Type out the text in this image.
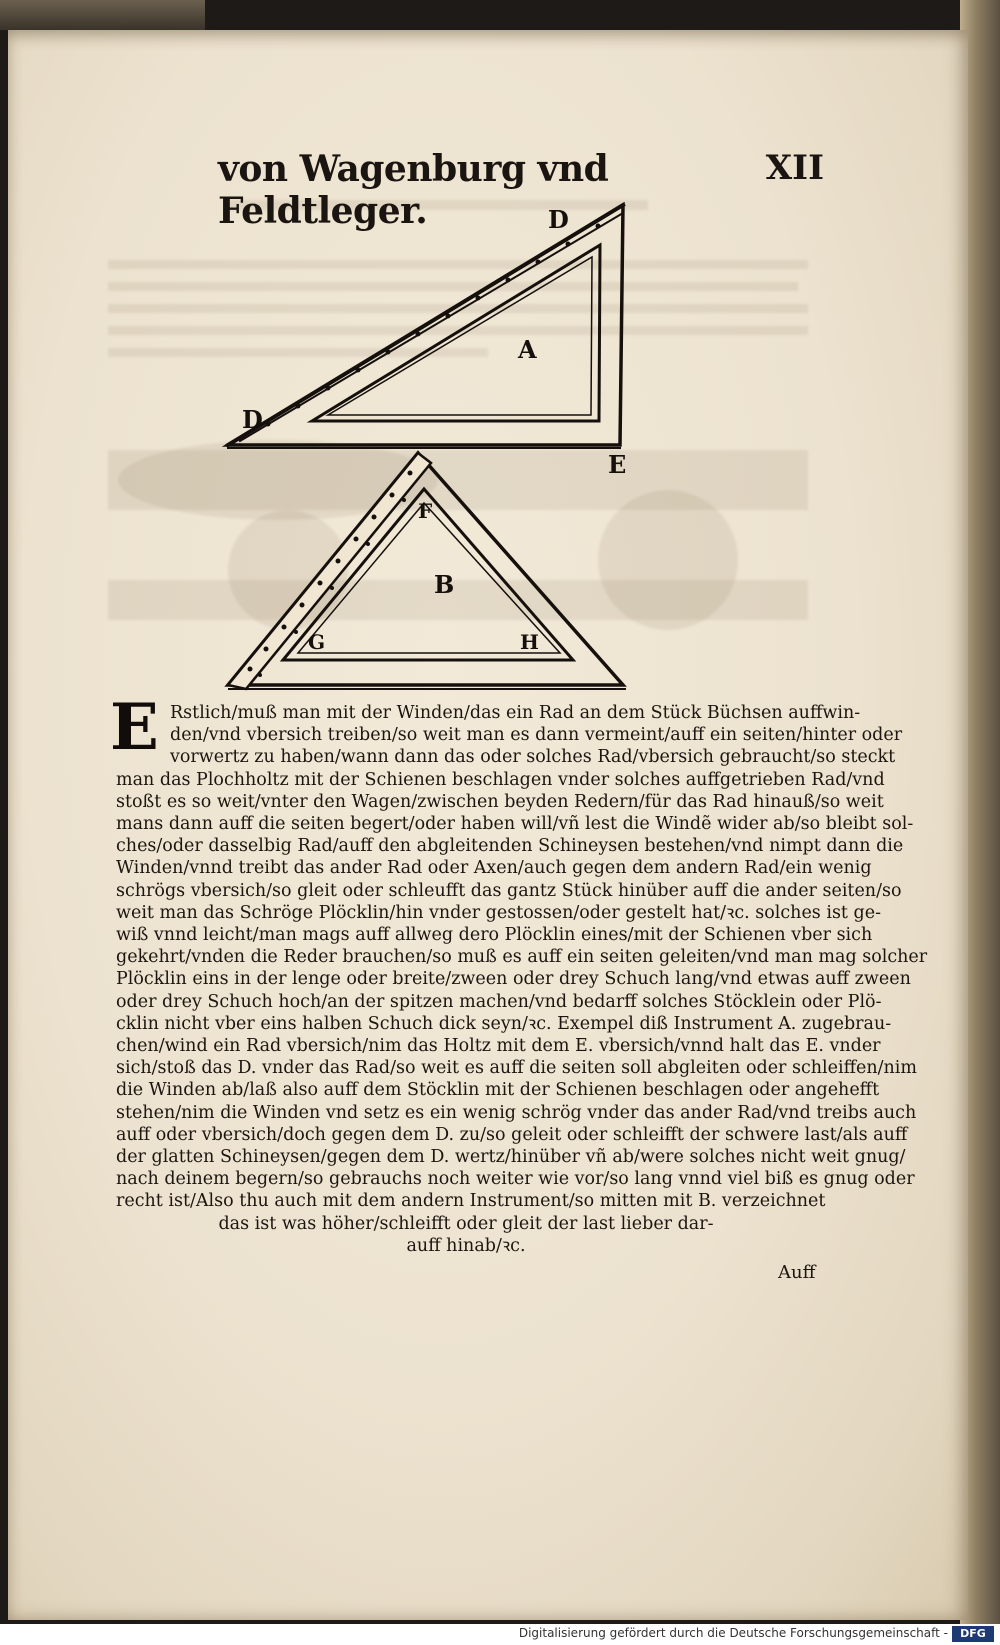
von Wagenburg vnd Feldtleger.
XII
D
A
D
E
F
B
G	H
E Rstlich/muß man mit der Winden/das ein Rad an dem Stück Büchsen auffwin-
den/vnd vbersich treiben/so weit man es dann vermeint/auff ein seiten/hinter oder
vorwertz zu haben/wann dann das oder solches Rad/vbersich gebraucht/so steckt
man das Plochholtz mit der Schienen beschlagen vnder solches auffgetrieben Rad/vnd
stoßt es so weit/vnter den Wagen/zwischen beyden Redern/für das Rad hinauß/so weit
mans dann auff die seiten begert/oder haben will/vñ lest die Windẽ wider ab/so bleibt sol-
ches/oder dasselbig Rad/auff den abgleitenden Schineysen bestehen/vnd nimpt dann die
Winden/vnnd treibt das ander Rad oder Axen/auch gegen dem andern Rad/ein wenig
schrögs vbersich/so gleit oder schleufft das gantz Stück hinüber auff die ander seiten/so
weit man das Schröge Plöcklin/hin vnder gestossen/oder gestelt hat/ꝛc. solches ist ge-
wiß vnnd leicht/man mags auff allweg dero Plöcklin eines/mit der Schienen vber sich
gekehrt/vnden die Reder brauchen/so muß es auff ein seiten geleiten/vnd man mag solcher
Plöcklin eins in der lenge oder breite/zween oder drey Schuch lang/vnd etwas auff zween
oder drey Schuch hoch/an der spitzen machen/vnd bedarff solches Stöcklein oder Plö-
cklin nicht vber eins halben Schuch dick seyn/ꝛc. Exempel diß Instrument A. zugebrau-
chen/wind ein Rad vbersich/nim das Holtz mit dem E. vbersich/vnnd halt das E. vnder
sich/stoß das D. vnder das Rad/so weit es auff die seiten soll abgleiten oder schleiffen/nim
die Winden ab/laß also auff dem Stöcklin mit der Schienen beschlagen oder angehefft
stehen/nim die Winden vnd setz es ein wenig schrög vnder das ander Rad/vnd treibs auch
auff oder vbersich/doch gegen dem D. zu/so geleit oder schleifft der schwere last/als auff
der glatten Schineysen/gegen dem D. wertz/hinüber vñ ab/were solches nicht weit gnug/
nach deinem begern/so gebrauchs noch weiter wie vor/so lang vnnd viel biß es gnug oder
recht ist/Also thu auch mit dem andern Instrument/so mitten mit B. verzeichnet
das ist was höher/schleifft oder gleit der last lieber dar-
auff hinab/ꝛc.
Auff
Digitalisierung gefördert durch die Deutsche Forschungsgemeinschaft -	DFG
